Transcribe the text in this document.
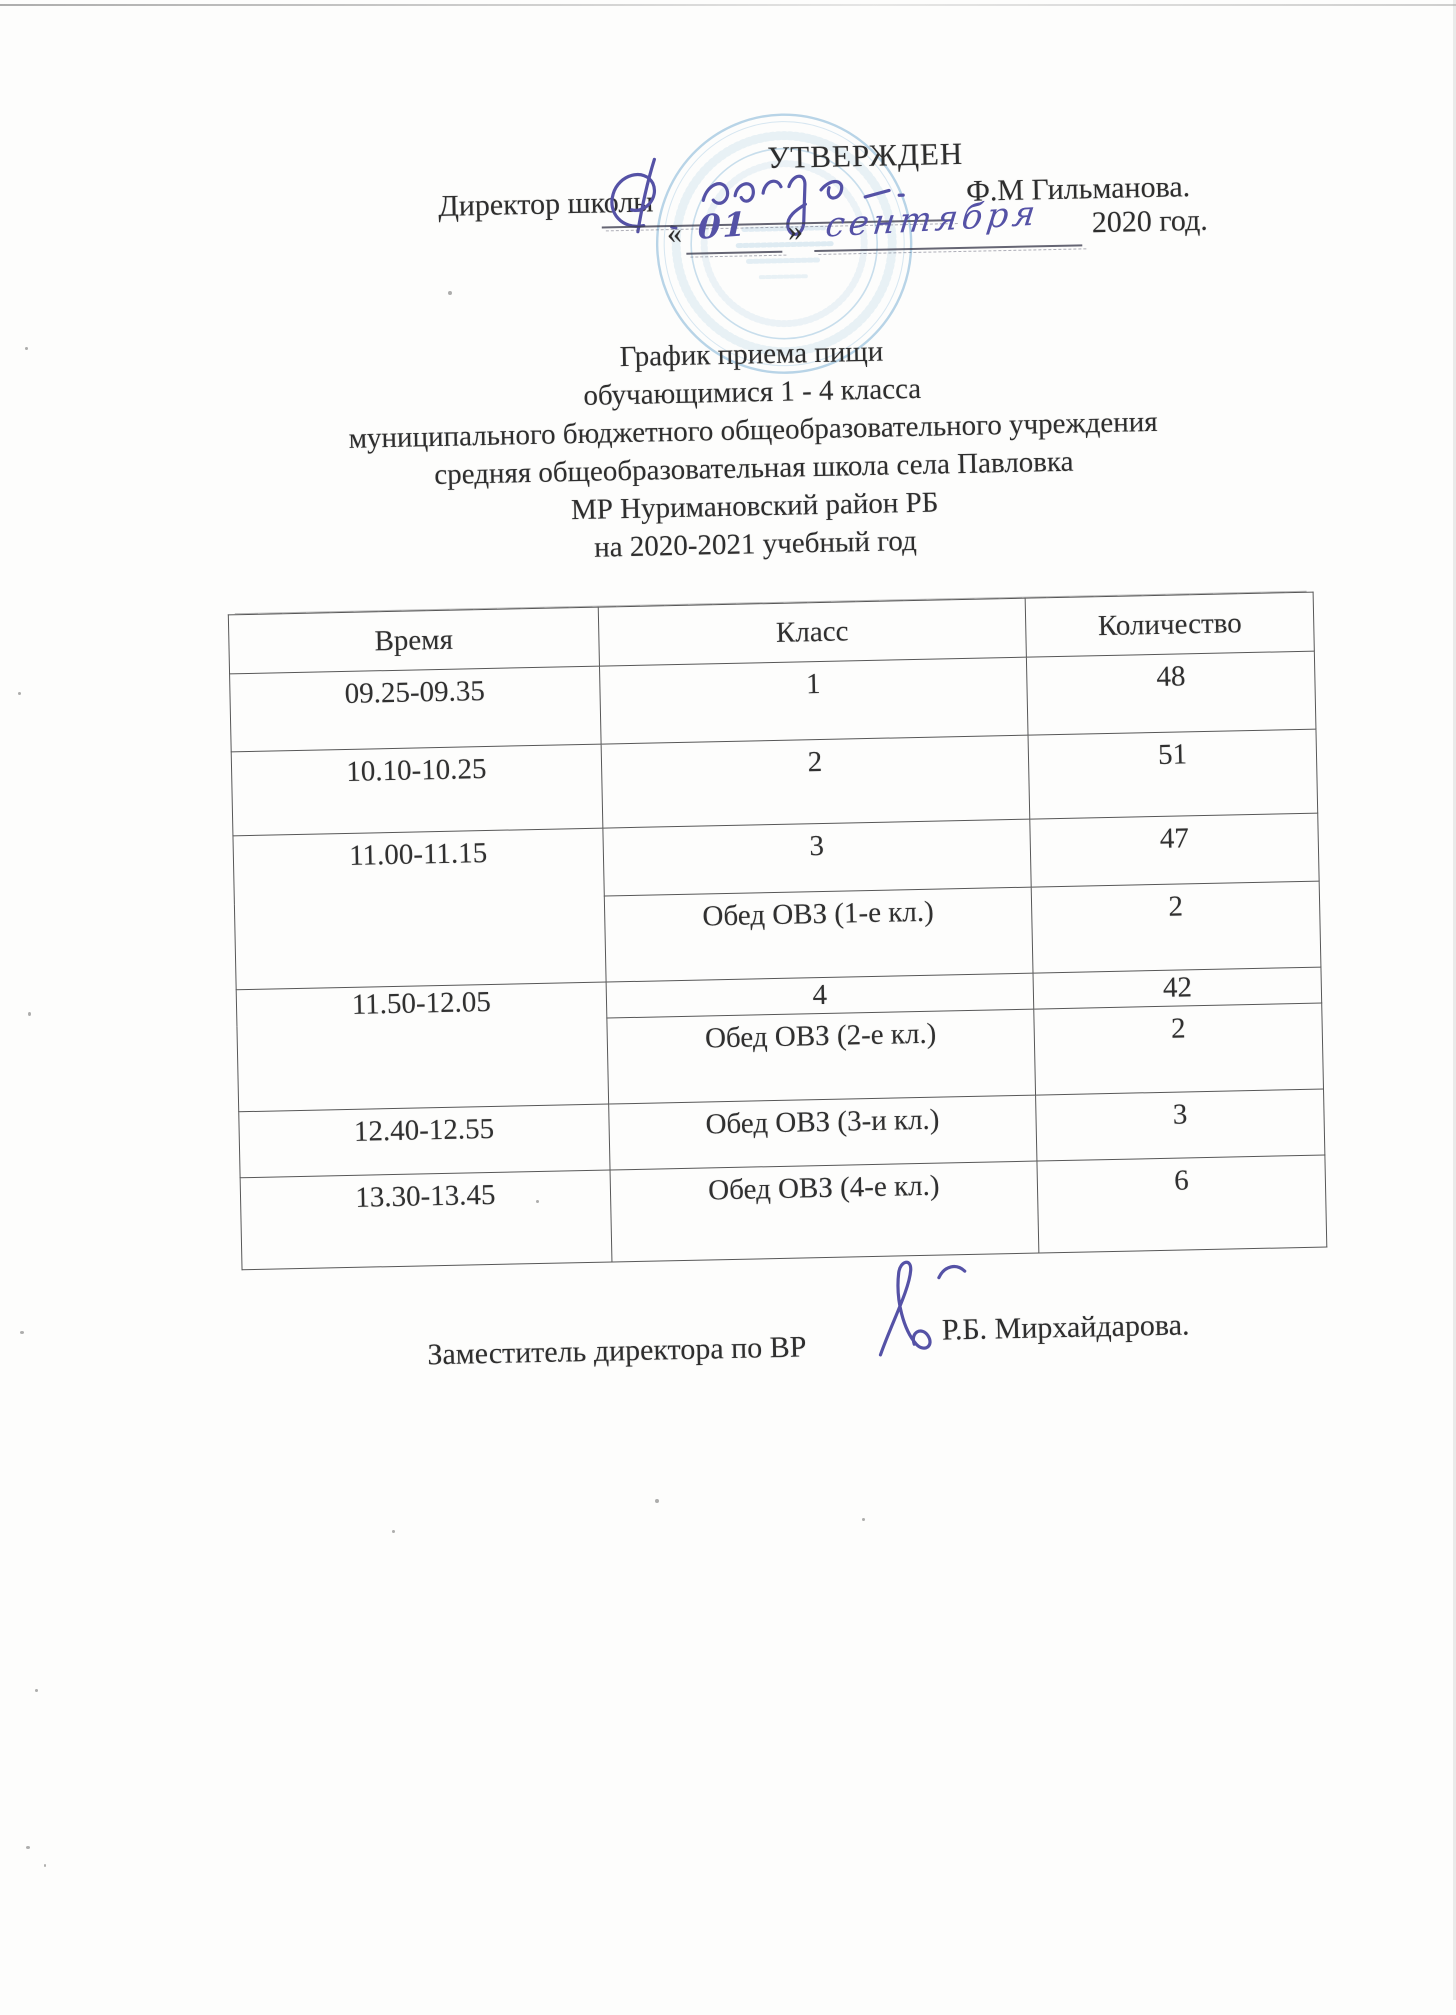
УТВЕРЖДЕН
Директор школы	Ф.М Гильманова.
« 01 » сентября 2020 год.

График приема пищи

обучающимися 1 - 4 класса

муниципального бюджетного общеобразовательного учреждения

средняя общеобразовательная школа села Павловка

МР Нуримановский район РБ

на 2020-2021 учебный год

Время	Класс	Количество
09.25-09.35	1	48
10.10-10.25	2	51
11.00-11.15	3	47
	Обед ОВЗ (1-е кл.)	2
11.50-12.05	4	42
	Обед ОВЗ (2-е кл.)	2
12.40-12.55	Обед ОВЗ (3-и кл.)	3
13.30-13.45	Обед ОВЗ (4-е кл.)	6
Заместитель директора по ВР
Р.Б. Мирхайдарова.
